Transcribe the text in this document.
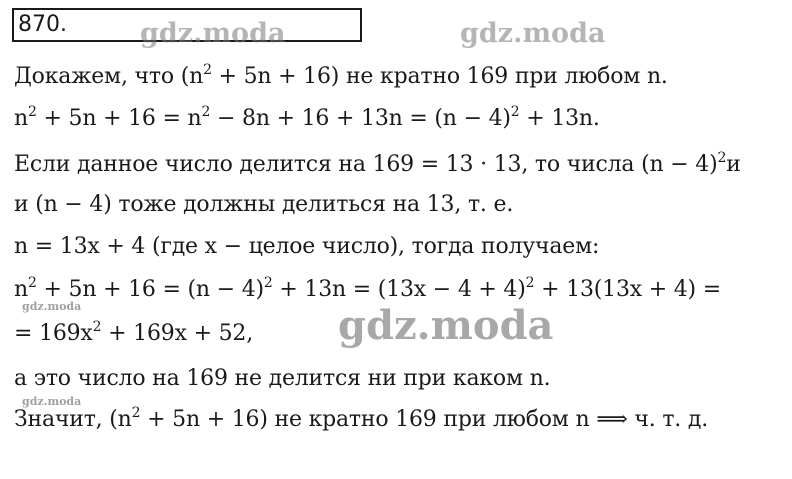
870.	gdz.moda	gdz.moda
gdz.moda	gdz.moda
gdz.moda
Докажем, что $(n^2 + 5n + 16)$ не кратно 169 при любом n.
$n^2 + 5n + 16 = n^2 - 8n + 16 + 13n = (n - 4)^2 + 13n$.
Если данное число делится на 169 = 13 · 13, то числа $(n - 4)^2и$
и (n − 4) тоже должны делиться на 13, т. е.
n = 13x + 4 (где x − целое число), тогда получаем:
$n^2 + 5n + 16 = (n - 4)^2 + 13n = (13x - 4 + 4)^2 + 13(13x + 4)$ =
= $169x^2 + 169x + 52$,
а это число на 169 не делится ни при каком n.
Значит, $(n^2 + 5n + 16)$ не кратно 169 при любом n ⟹ ч. т. д.
